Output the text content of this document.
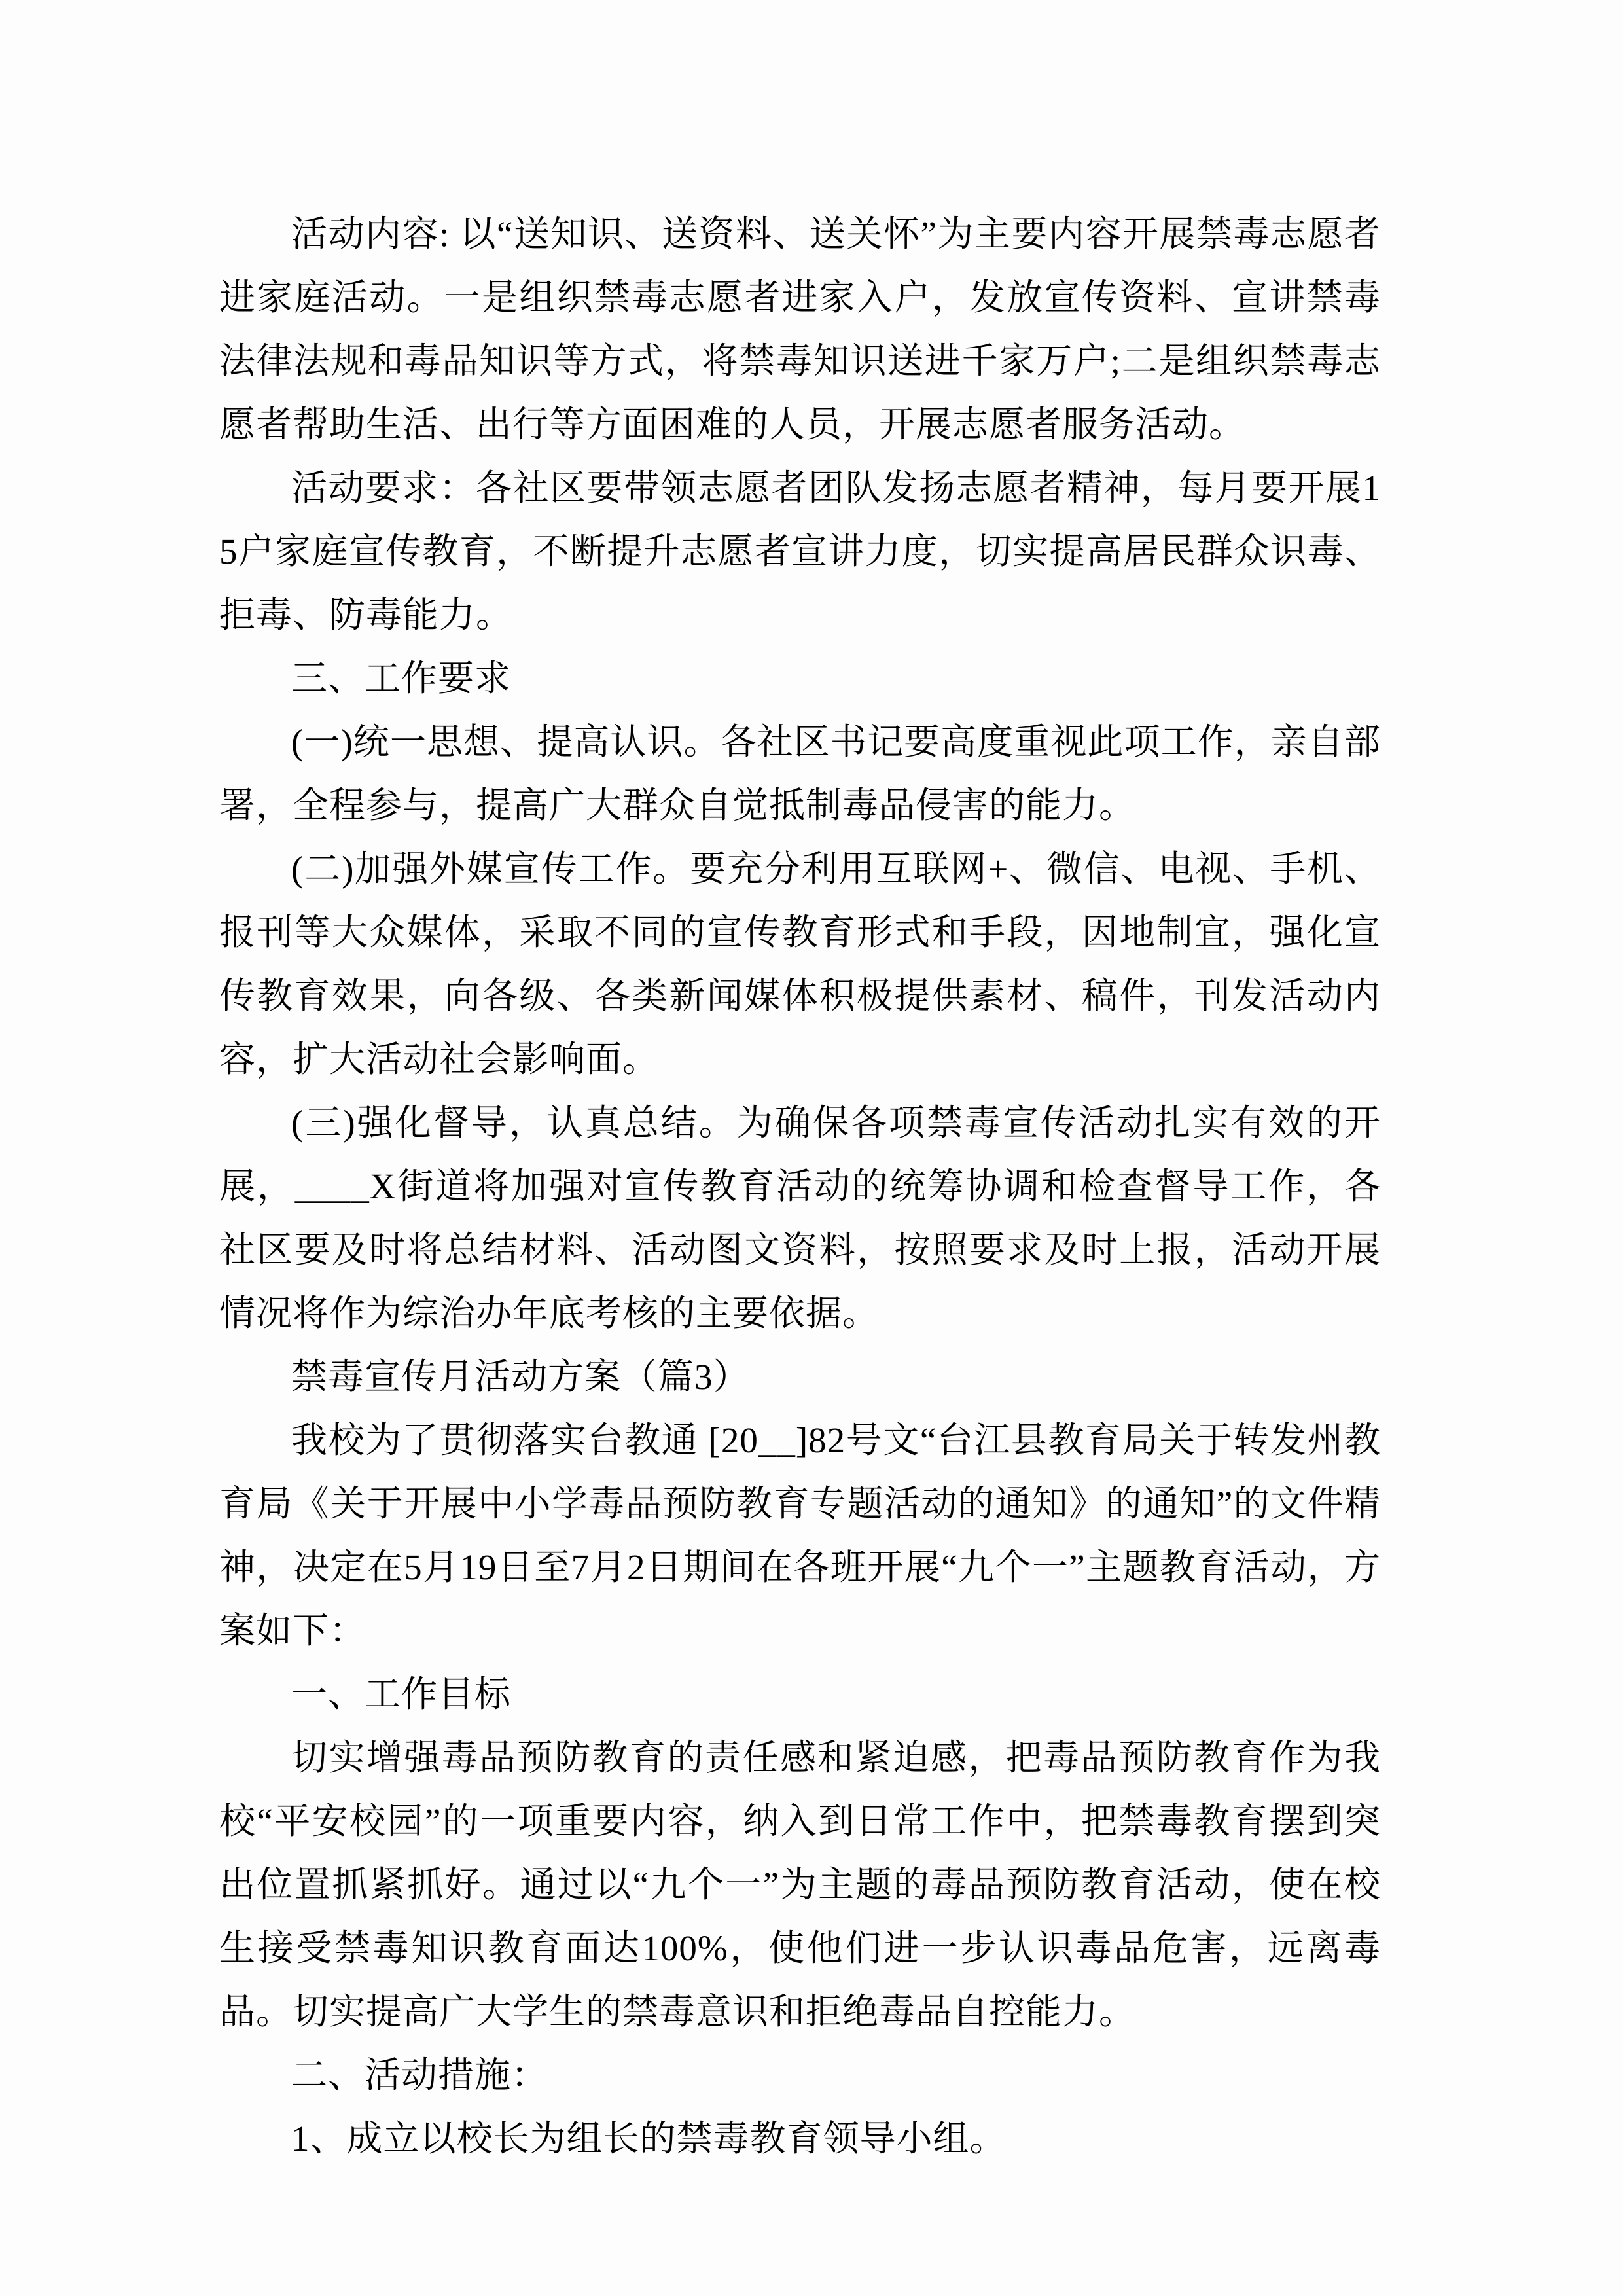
活动内容: 以“送知识、送资料、送关怀”为主要内容开展禁毒志愿者进家庭活动。一是组织禁毒志愿者进家入户，发放宣传资料、宣讲禁毒法律法规和毒品知识等方式，将禁毒知识送进千家万户;二是组织禁毒志愿者帮助生活、出行等方面困难的人员，开展志愿者服务活动。

活动要求：各社区要带领志愿者团队发扬志愿者精神，每月要开展15户家庭宣传教育，不断提升志愿者宣讲力度，切实提高居民群众识毒、拒毒、防毒能力。

三、工作要求

(一)统一思想、提高认识。各社区书记要高度重视此项工作，亲自部署，全程参与，提高广大群众自觉抵制毒品侵害的能力。

(二)加强外媒宣传工作。要充分利用互联网+、微信、电视、手机、报刊等大众媒体，采取不同的宣传教育形式和手段，因地制宜，强化宣传教育效果，向各级、各类新闻媒体积极提供素材、稿件，刊发活动内容，扩大活动社会影响面。

(三)强化督导，认真总结。为确保各项禁毒宣传活动扎实有效的开展，____X街道将加强对宣传教育活动的统筹协调和检查督导工作，各社区要及时将总结材料、活动图文资料，按照要求及时上报，活动开展情况将作为综治办年底考核的主要依据。

禁毒宣传月活动方案（篇3）

我校为了贯彻落实台教通 [20__]82号文“台江县教育局关于转发州教育局《关于开展中小学毒品预防教育专题活动的通知》的通知”的文件精神，决定在5月19日至7月2日期间在各班开展“九个一”主题教育活动，方案如下：

一、工作目标

切实增强毒品预防教育的责任感和紧迫感，把毒品预防教育作为我校“平安校园”的一项重要内容，纳入到日常工作中，把禁毒教育摆到突出位置抓紧抓好。通过以“九个一”为主题的毒品预防教育活动，使在校生接受禁毒知识教育面达100%，使他们进一步认识毒品危害，远离毒品。切实提高广大学生的禁毒意识和拒绝毒品自控能力。

二、活动措施：

1、成立以校长为组长的禁毒教育领导小组。
